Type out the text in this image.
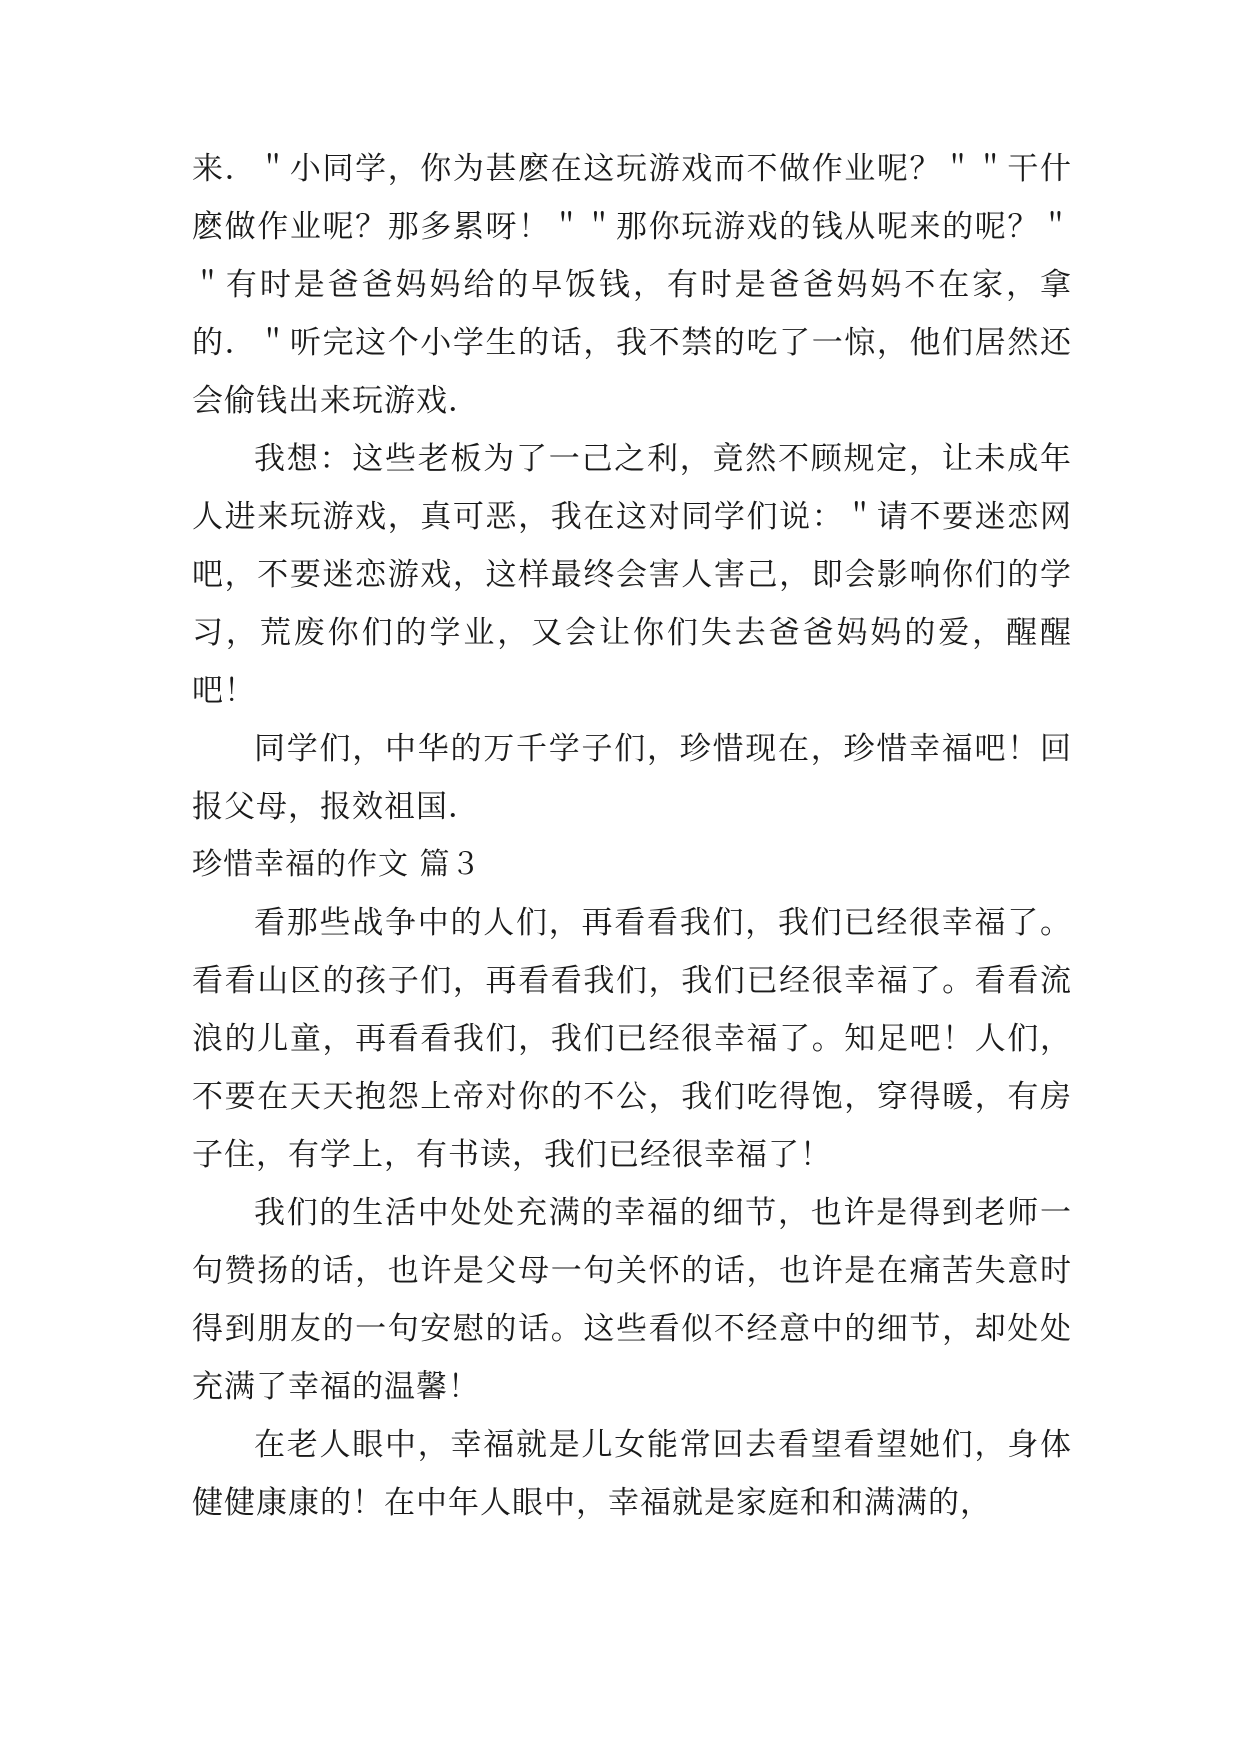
来．＂小同学，你为甚麽在这玩游戏而不做作业呢？＂＂干什麽做作业呢？那多累呀！＂＂那你玩游戏的钱从呢来的呢？＂＂有时是爸爸妈妈给的早饭钱，有时是爸爸妈妈不在家，拿的．＂听完这个小学生的话，我不禁的吃了一惊，他们居然还会偷钱出来玩游戏．

我想：这些老板为了一己之利，竟然不顾规定，让未成年人进来玩游戏，真可恶，我在这对同学们说：＂请不要迷恋网吧，不要迷恋游戏，这样最终会害人害己，即会影响你们的学习，荒废你们的学业，又会让你们失去爸爸妈妈的爱，醒醒吧！

同学们，中华的万千学子们，珍惜现在，珍惜幸福吧！回报父母，报效祖国．

珍惜幸福的作文 篇３

看那些战争中的人们，再看看我们，我们已经很幸福了。看看山区的孩子们，再看看我们，我们已经很幸福了。看看流浪的儿童，再看看我们，我们已经很幸福了。知足吧！人们，不要在天天抱怨上帝对你的不公，我们吃得饱，穿得暖，有房子住，有学上，有书读，我们已经很幸福了！

我们的生活中处处充满的幸福的细节，也许是得到老师一句赞扬的话，也许是父母一句关怀的话，也许是在痛苦失意时得到朋友的一句安慰的话。这些看似不经意中的细节，却处处充满了幸福的温馨！

在老人眼中，幸福就是儿女能常回去看望看望她们，身体健健康康的！在中年人眼中，幸福就是家庭和和满满的，
